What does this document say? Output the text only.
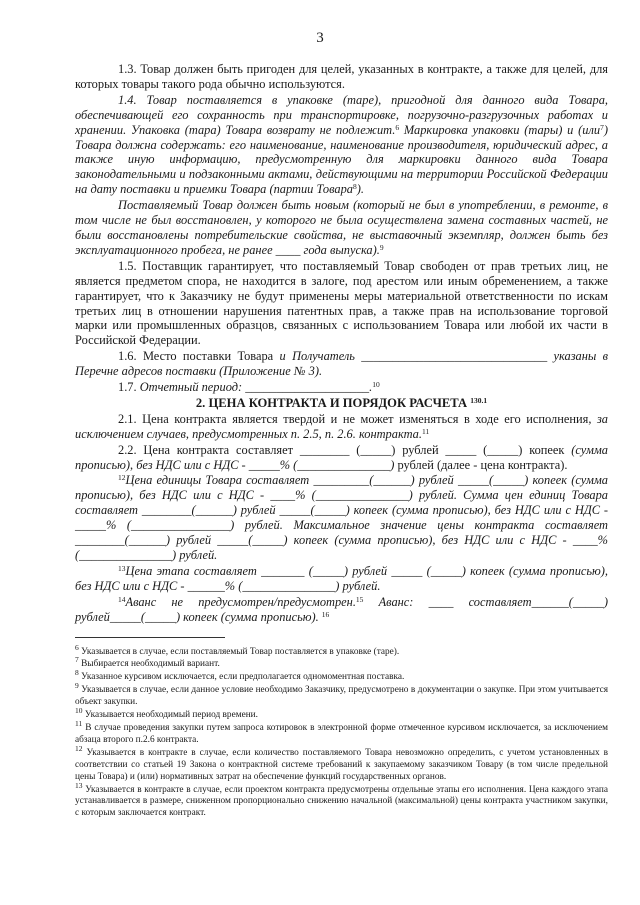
3

1.3. Товар должен быть пригоден для целей, указанных в контракте, а также для целей, для которых товары такого рода обычно используются.

1.4. Товар поставляется в упаковке (таре), пригодной для данного вида Товара, обеспечивающей его сохранность при транспортировке, погрузочно-разгрузочных работах и хранении. Упаковка (тара) Товара возврату не подлежит.$^6$ Маркировка упаковки (тары) и (или$^7$) Товара должна содержать: его наименование, наименование производителя, юридический адрес, а также иную информацию, предусмотренную для маркировки данного вида Товара законодательными и подзаконными актами, действующими на территории Российской Федерации на дату поставки и приемки Товара (партии Товара$^8$).

Поставляемый Товар должен быть новым (который не был в употреблении, в ремонте, в том числе не был восстановлен, у которого не была осуществлена замена составных частей, не были восстановлены потребительские свойства, не выставочный экземпляр, должен быть без эксплуатационного пробега, не ранее ____ года выпуска).$^9$

1.5. Поставщик гарантирует, что поставляемый Товар свободен от прав третьих лиц, не является предметом спора, не находится в залоге, под арестом или иным обременением, а также гарантирует, что к Заказчику не будут применены меры материальной ответственности по искам третьих лиц в отношении нарушения патентных прав, а также прав на использование торговой марки или промышленных образцов, связанных с использованием Товара или любой их части в Российской Федерации.

1.6. Место поставки Товара и Получатель ______________________________ указаны в Перечне адресов поставки (Приложение № 3).

1.7. Отчетный период: ____________________.$^{10}$

2. ЦЕНА КОНТРАКТА И ПОРЯДОК РАСЧЕТА $^{130.1}$

2.1. Цена контракта является твердой и не может изменяться в ходе его исполнения, за исключением случаев, предусмотренных п. 2.5, п. 2.6. контракта.$^{11}$

2.2. Цена контракта составляет ________ (_____) рублей _____ (_____) копеек (сумма прописью), без НДС или с НДС - _____% (_______________) рублей (далее - цена контракта).

$^{12}$Цена единицы Товара составляет _________(______) рублей _____(_____) копеек (сумма прописью), без НДС или с НДС - ____% (_______________) рублей. Сумма цен единиц Товара составляет ________(______) рублей _____(_____) копеек (сумма прописью), без НДС или с НДС - _____% (________________) рублей. Максимальное значение цены контракта составляет ________(______) рублей _____(_____) копеек (сумма прописью), без НДС или с НДС - ____% (_______________) рублей.

$^{13}$Цена этапа составляет _______ (_____) рублей _____ (_____) копеек (сумма прописью), без НДС или с НДС - ______% (_______________) рублей.

$^{14}$Аванс не предусмотрен/предусмотрен.$^{15}$ Аванс: ____ составляет______(_____) рублей_____(_____) копеек (сумма прописью). $^{16}$

$^6$ Указывается в случае, если поставляемый Товар поставляется в упаковке (таре).

$^7$ Выбирается необходимый вариант.

$^8$ Указанное курсивом исключается, если предполагается одномоментная поставка.

$^9$ Указывается в случае, если данное условие необходимо Заказчику, предусмотрено в документации о закупке. При этом учитывается объект закупки.

$^{10}$ Указывается необходимый период времени.

$^{11}$ В случае проведения закупки путем запроса котировок в электронной форме отмеченное курсивом исключается, за исключением абзаца второго п.2.6 контракта.

$^{12}$ Указывается в контракте в случае, если количество поставляемого Товара невозможно определить, с учетом установленных в соответствии со статьей 19 Закона о контрактной системе требований к закупаемому заказчиком Товару (в том числе предельной цены Товара) и (или) нормативных затрат на обеспечение функций государственных органов.

$^{13}$ Указывается в контракте в случае, если проектом контракта предусмотрены отдельные этапы его исполнения. Цена каждого этапа устанавливается в размере, сниженном пропорционально снижению начальной (максимальной) цены контракта участником закупки, с которым заключается контракт.
